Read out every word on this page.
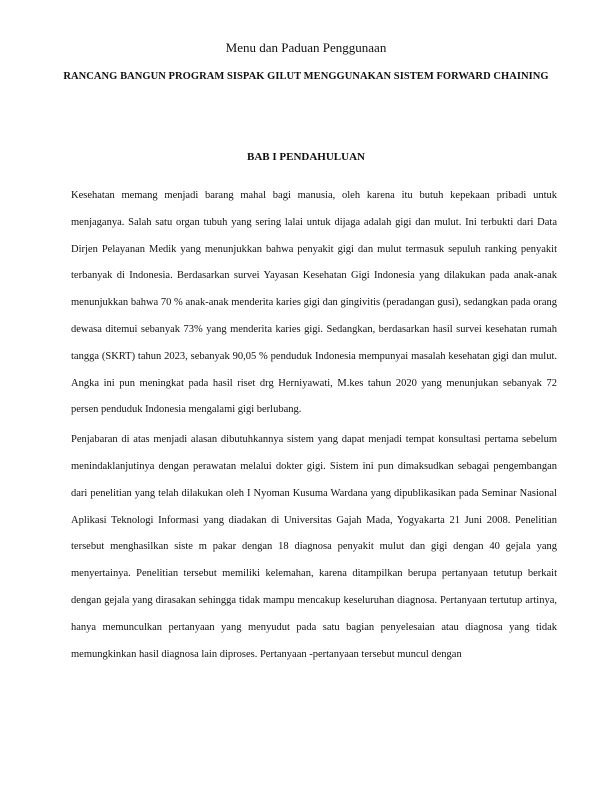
Menu dan Paduan Penggunaan
RANCANG BANGUN PROGRAM SISPAK GILUT MENGGUNAKAN SISTEM FORWARD CHAINING
BAB I PENDAHULUAN

Kesehatan memang menjadi barang mahal bagi manusia, oleh karena itu butuh kepekaan pribadi untuk menjaganya. Salah satu organ tubuh yang sering lalai untuk dijaga adalah gigi dan mulut. Ini terbukti dari Data Dirjen Pelayanan Medik yang menunjukkan bahwa penyakit gigi dan mulut termasuk sepuluh ranking penyakit terbanyak di Indonesia. Berdasarkan survei Yayasan Kesehatan Gigi Indonesia yang dilakukan pada anak-anak menunjukkan bahwa 70 % anak-anak menderita karies gigi dan gingivitis (peradangan gusi), sedangkan pada orang dewasa ditemui sebanyak 73% yang menderita karies gigi. Sedangkan, berdasarkan hasil survei kesehatan rumah tangga (SKRT) tahun 2023, sebanyak 90,05 % penduduk Indonesia mempunyai masalah kesehatan gigi dan mulut. Angka ini pun meningkat pada hasil riset drg Herniyawati, M.kes tahun 2020 yang menunjukan sebanyak 72 persen penduduk Indonesia mengalami gigi berlubang.

Penjabaran di atas menjadi alasan dibutuhkannya sistem yang dapat menjadi tempat konsultasi pertama sebelum menindaklanjutinya dengan perawatan melalui dokter gigi. Sistem ini pun dimaksudkan sebagai pengembangan dari penelitian yang telah dilakukan oleh I Nyoman Kusuma Wardana yang dipublikasikan pada Seminar Nasional Aplikasi Teknologi Informasi yang diadakan di Universitas Gajah Mada, Yogyakarta 21 Juni 2008. Penelitian tersebut menghasilkan siste m pakar dengan 18 diagnosa penyakit mulut dan gigi dengan 40 gejala yang menyertainya. Penelitian tersebut memiliki kelemahan, karena ditampilkan berupa pertanyaan tetutup berkait dengan gejala yang dirasakan sehingga tidak mampu mencakup keseluruhan diagnosa. Pertanyaan tertutup artinya, hanya memunculkan pertanyaan yang menyudut pada satu bagian penyelesaian atau diagnosa yang tidak memungkinkan hasil diagnosa lain diproses. Pertanyaan -pertanyaan tersebut muncul dengan
